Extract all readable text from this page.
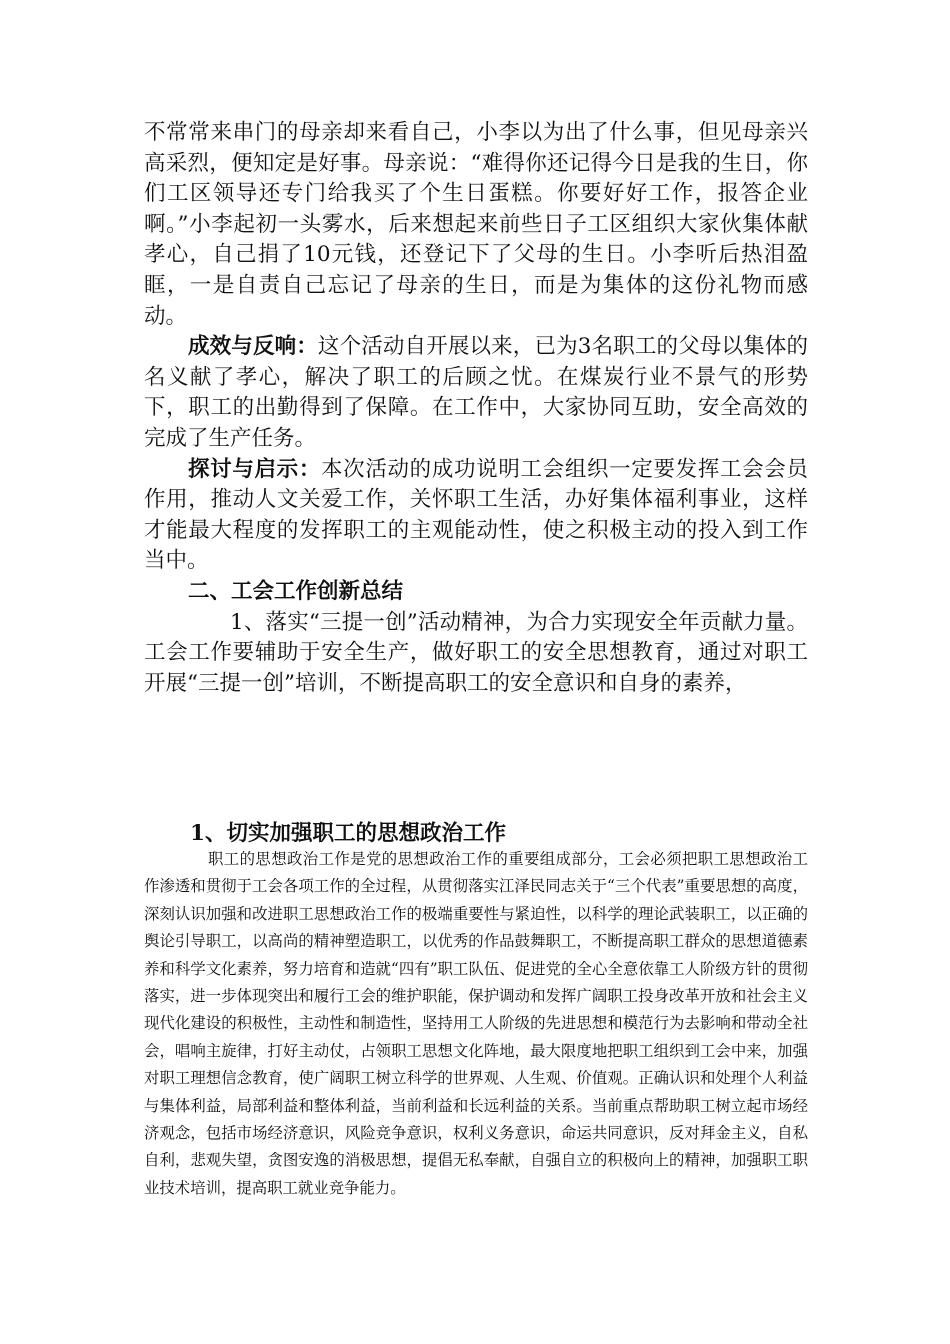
不常常来串门的母亲却来看自己，小李以为出了什么事，但见母亲兴高采烈，便知定是好事。母亲说：“难得你还记得今日是我的生日，你们工区领导还专门给我买了个生日蛋糕。你要好好工作，报答企业啊。”小李起初一头雾水，后来想起来前些日子工区组织大家伙集体献孝心，自己捐了10元钱，还登记下了父母的生日。小李听后热泪盈眶，一是自责自己忘记了母亲的生日，而是为集体的这份礼物而感动。

成效与反响：这个活动自开展以来，已为3名职工的父母以集体的名义献了孝心，解决了职工的后顾之忧。在煤炭行业不景气的形势下，职工的出勤得到了保障。在工作中，大家协同互助，安全高效的完成了生产任务。

探讨与启示：本次活动的成功说明工会组织一定要发挥工会会员作用，推动人文关爱工作，关怀职工生活，办好集体福利事业，这样才能最大程度的发挥职工的主观能动性，使之积极主动的投入到工作当中。

二、工会工作创新总结

1、落实“三提一创”活动精神，为合力实现安全年贡献力量。工会工作要辅助于安全生产，做好职工的安全思想教育，通过对职工开展“三提一创”培训，不断提高职工的安全意识和自身的素养，

1、切实加强职工的思想政治工作

职工的思想政治工作是党的思想政治工作的重要组成部分，工会必须把职工思想政治工作渗透和贯彻于工会各项工作的全过程，从贯彻落实江泽民同志关于“三个代表”重要思想的高度，深刻认识加强和改进职工思想政治工作的极端重要性与紧迫性，以科学的理论武装职工，以正确的舆论引导职工，以高尚的精神塑造职工，以优秀的作品鼓舞职工，不断提高职工群众的思想道德素养和科学文化素养，努力培育和造就“四有”职工队伍、促进党的全心全意依靠工人阶级方针的贯彻落实，进一步体现突出和履行工会的维护职能，保护调动和发挥广阔职工投身改革开放和社会主义现代化建设的积极性，主动性和制造性，坚持用工人阶级的先进思想和模范行为去影响和带动全社会，唱响主旋律，打好主动仗，占领职工思想文化阵地，最大限度地把职工组织到工会中来，加强对职工理想信念教育，使广阔职工树立科学的世界观、人生观、价值观。正确认识和处理个人利益与集体利益，局部利益和整体利益，当前利益和长远利益的关系。当前重点帮助职工树立起市场经济观念，包括市场经济意识，风险竞争意识，权利义务意识，命运共同意识，反对拜金主义，自私自利，悲观失望，贪图安逸的消极思想，提倡无私奉献，自强自立的积极向上的精神，加强职工职业技术培训，提高职工就业竞争能力。
